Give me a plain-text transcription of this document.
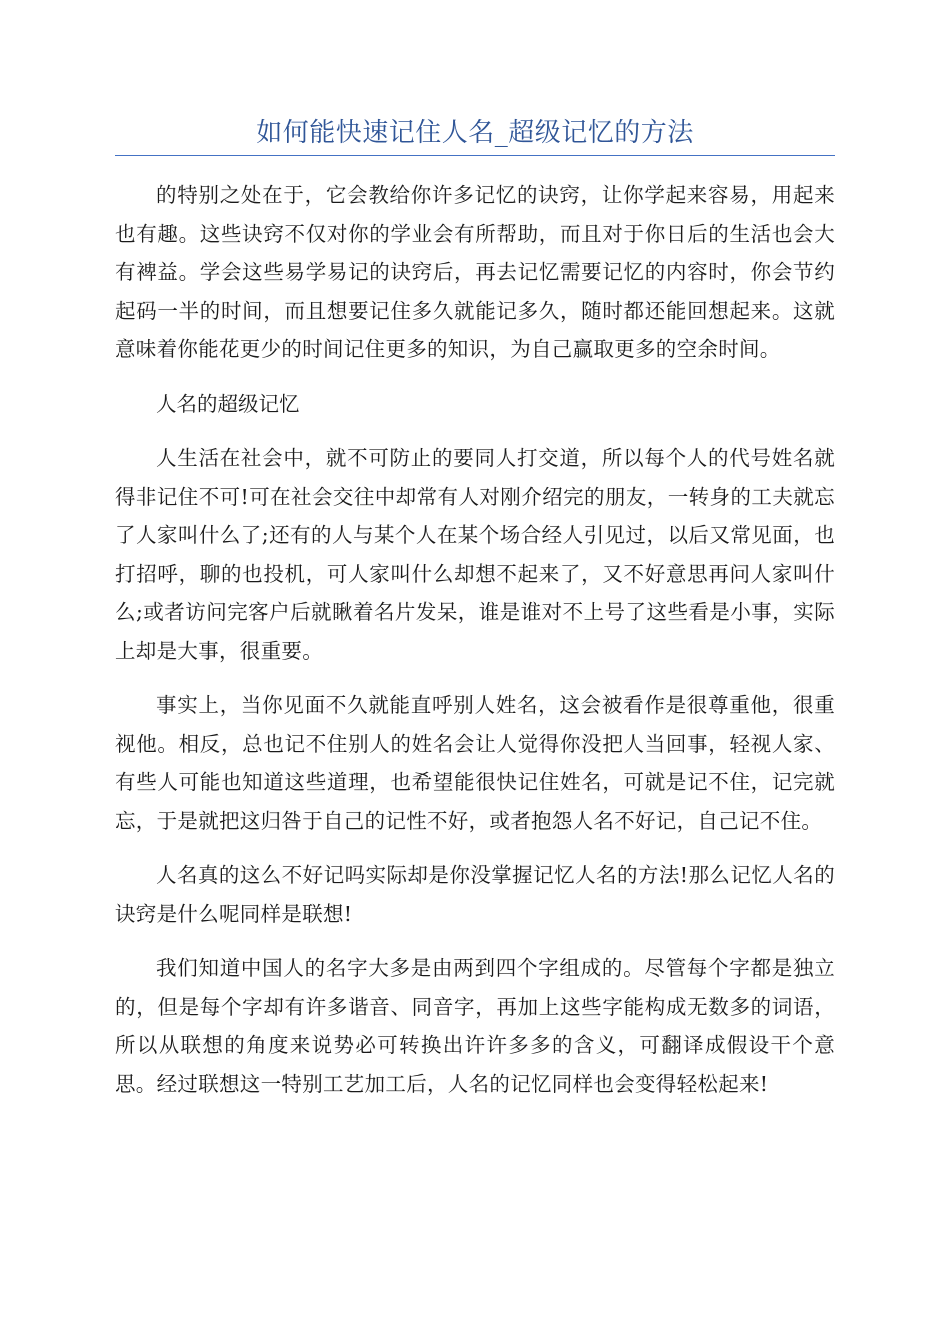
如何能快速记住人名_超级记忆的方法

的特别之处在于，它会教给你许多记忆的诀窍，让你学起来容易，用起来也有趣。这些诀窍不仅对你的学业会有所帮助，而且对于你日后的生活也会大有裨益。学会这些易学易记的诀窍后，再去记忆需要记忆的内容时，你会节约起码一半的时间，而且想要记住多久就能记多久，随时都还能回想起来。这就意味着你能花更少的时间记住更多的知识，为自己赢取更多的空余时间。

人名的超级记忆

人生活在社会中，就不可防止的要同人打交道，所以每个人的代号姓名就得非记住不可!可在社会交往中却常有人对刚介绍完的朋友，一转身的工夫就忘了人家叫什么了;还有的人与某个人在某个场合经人引见过，以后又常见面，也打招呼，聊的也投机，可人家叫什么却想不起来了，又不好意思再问人家叫什么;或者访问完客户后就瞅着名片发呆，谁是谁对不上号了这些看是小事，实际上却是大事，很重要。

事实上，当你见面不久就能直呼别人姓名，这会被看作是很尊重他，很重视他。相反，总也记不住别人的姓名会让人觉得你没把人当回事，轻视人家、有些人可能也知道这些道理，也希望能很快记住姓名，可就是记不住，记完就忘，于是就把这归咎于自己的记性不好，或者抱怨人名不好记，自己记不住。

人名真的这么不好记吗实际却是你没掌握记忆人名的方法!那么记忆人名的诀窍是什么呢同样是联想!

我们知道中国人的名字大多是由两到四个字组成的。尽管每个字都是独立的，但是每个字却有许多谐音、同音字，再加上这些字能构成无数多的词语，所以从联想的角度来说势必可转换出许许多多的含义，可翻译成假设干个意思。经过联想这一特别工艺加工后，人名的记忆同样也会变得轻松起来!
